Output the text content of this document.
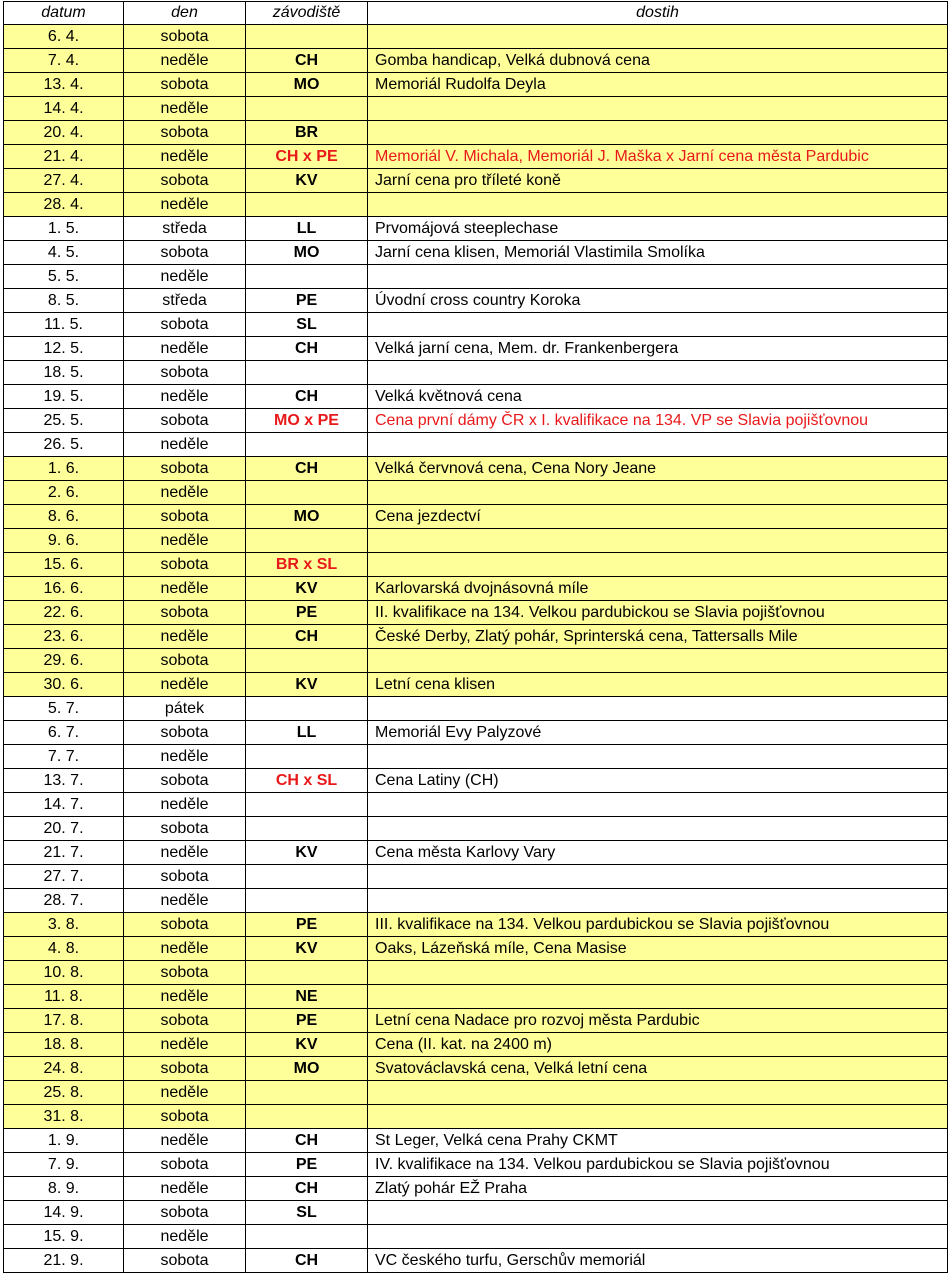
datum	den	závodiště	dostih
6. 4.	sobota		
7. 4.	neděle	CH	Gomba handicap, Velká dubnová cena
13. 4.	sobota	MO	Memoriál Rudolfa Deyla
14. 4.	neděle		
20. 4.	sobota	BR	
21. 4.	neděle	CH x PE	Memoriál V. Michala, Memoriál J. Maška x Jarní cena města Pardubic
27. 4.	sobota	KV	Jarní cena pro tříleté koně
28. 4.	neděle		
1. 5.	středa	LL	Prvomájová steeplechase
4. 5.	sobota	MO	Jarní cena klisen, Memoriál Vlastimila Smolíka
5. 5.	neděle		
8. 5.	středa	PE	Úvodní cross country Koroka
11. 5.	sobota	SL	
12. 5.	neděle	CH	Velká jarní cena, Mem. dr. Frankenbergera
18. 5.	sobota		
19. 5.	neděle	CH	Velká květnová cena
25. 5.	sobota	MO x PE	Cena první dámy ČR x I. kvalifikace na 134. VP se Slavia pojišťovnou
26. 5.	neděle		
1. 6.	sobota	CH	Velká červnová cena, Cena Nory Jeane
2. 6.	neděle		
8. 6.	sobota	MO	Cena jezdectví
9. 6.	neděle		
15. 6.	sobota	BR x SL	
16. 6.	neděle	KV	Karlovarská dvojnásovná míle
22. 6.	sobota	PE	II. kvalifikace na 134. Velkou pardubickou se Slavia pojišťovnou
23. 6.	neděle	CH	České Derby, Zlatý pohár, Sprinterská cena, Tattersalls Mile
29. 6.	sobota		
30. 6.	neděle	KV	Letní cena klisen
5. 7.	pátek		
6. 7.	sobota	LL	Memoriál Evy Palyzové
7. 7.	neděle		
13. 7.	sobota	CH x SL	Cena Latiny (CH)
14. 7.	neděle		
20. 7.	sobota		
21. 7.	neděle	KV	Cena města Karlovy Vary
27. 7.	sobota		
28. 7.	neděle		
3. 8.	sobota	PE	III. kvalifikace na 134. Velkou pardubickou se Slavia pojišťovnou
4. 8.	neděle	KV	Oaks, Lázeňská míle, Cena Masise
10. 8.	sobota		
11. 8.	neděle	NE	
17. 8.	sobota	PE	Letní cena Nadace pro rozvoj města Pardubic
18. 8.	neděle	KV	Cena (II. kat. na 2400 m)
24. 8.	sobota	MO	Svatováclavská cena, Velká letní cena
25. 8.	neděle		
31. 8.	sobota		
1. 9.	neděle	CH	St Leger, Velká cena Prahy CKMT
7. 9.	sobota	PE	IV. kvalifikace na 134. Velkou pardubickou se Slavia pojišťovnou
8. 9.	neděle	CH	Zlatý pohár EŽ Praha
14. 9.	sobota	SL	
15. 9.	neděle		
21. 9.	sobota	CH	VC českého turfu, Gerschův memoriál
